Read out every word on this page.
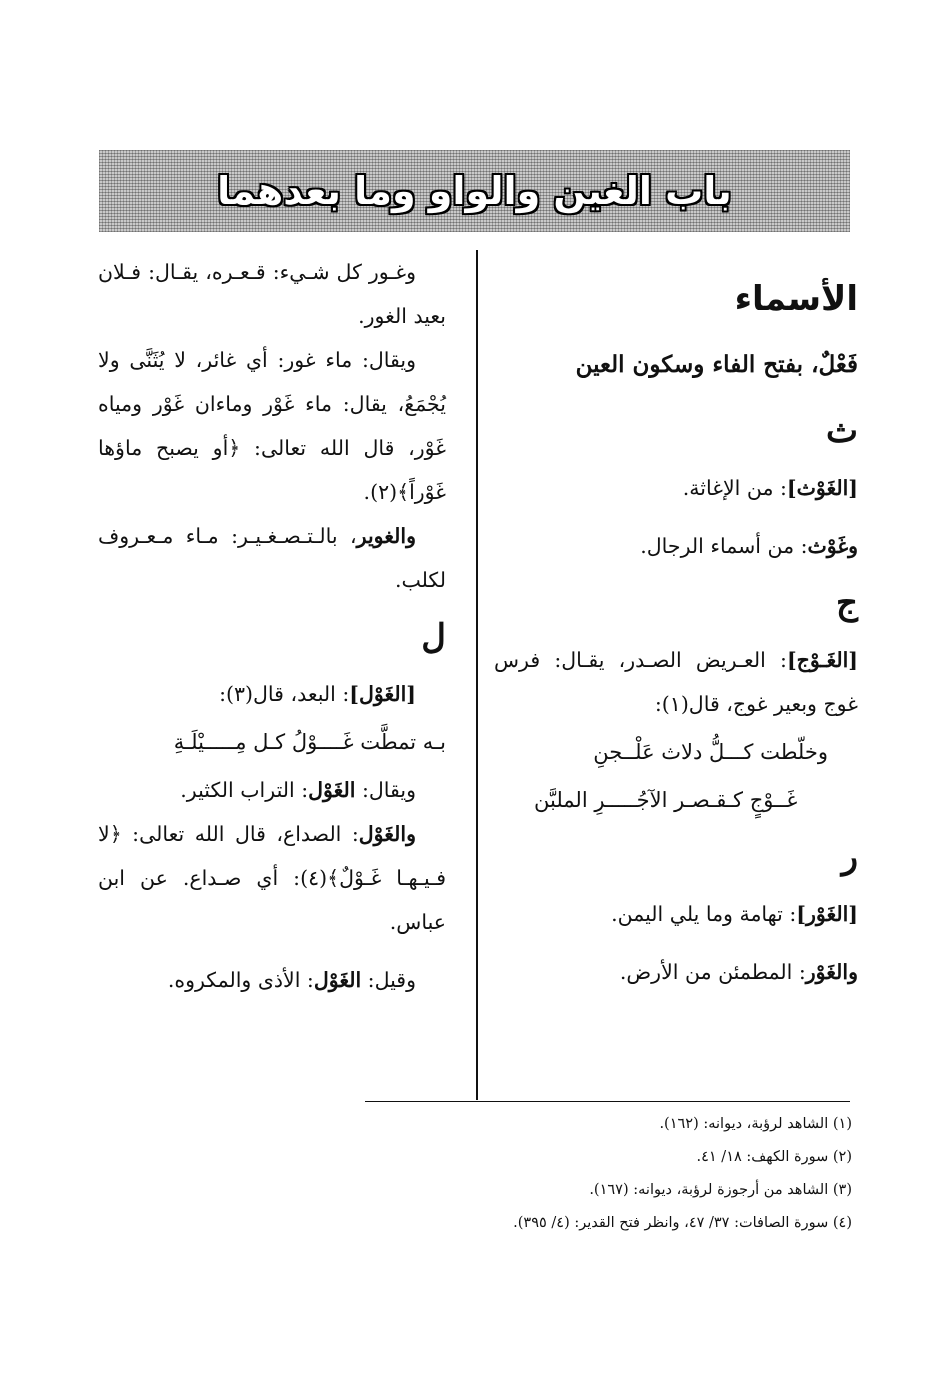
باب الغين والواو وما بعدهما
الأسماء
فَعْلٌ، بفتح الفاء وسكون العين
ث

[الغَوْث]: من الإغاثة.

وغَوْث: من أسماء الرجال.

ج

[الغَـوْج]: العـريض الصـدر، يقـال: فرس غوج وبعير غوج، قال(١):

وخلّطت كـــلُّ دلاث عَلْــجنِ

غَــوْجٍ كـقـصـر الآجُـــــرِ الملبَّن

ر

[الغَوْر]: تهامة وما يلي اليمن.

والغَوْر: المطمئن من الأرض.

وغـور كل شـيء: قـعـره، يقـال: فـلان بعيد الغور.

ويقال: ماء غور: أي غائر، لا يُثَنَّى ولا يُجْمَعُ، يقال: ماء غَوْر وماءان غَوْر ومياه غَوْر، قال الله تعالى: ﴿أو يصبح ماؤها غَوْراً﴾(٢).

والغوير، بالـتـصـغـيـر: مـاء مـعـروف لكلب.

ل

[الغَوْل]: البعد، قال(٣):

بـه تمطَّت غَــــوْلُ كـل مِـــــيْلَـةِ

ويقال: الغَوْل: التراب الكثير.

والغَوْل: الصداع، قال الله تعالى: ﴿لا فـيـهـا غَـوْلٌ﴾(٤): أي صـداع. عن ابن عباس.

وقيل: الغَوْل: الأذى والمكروه.

(١) الشاهد لرؤبة، ديوانه: (١٦٢).

(٢) سورة الكهف: ١٨/ ٤١.

(٣) الشاهد من أرجوزة لرؤبة، ديوانه: (١٦٧).

(٤) سورة الصافات: ٣٧/ ٤٧، وانظر فتح القدير: (٤/ ٣٩٥).
